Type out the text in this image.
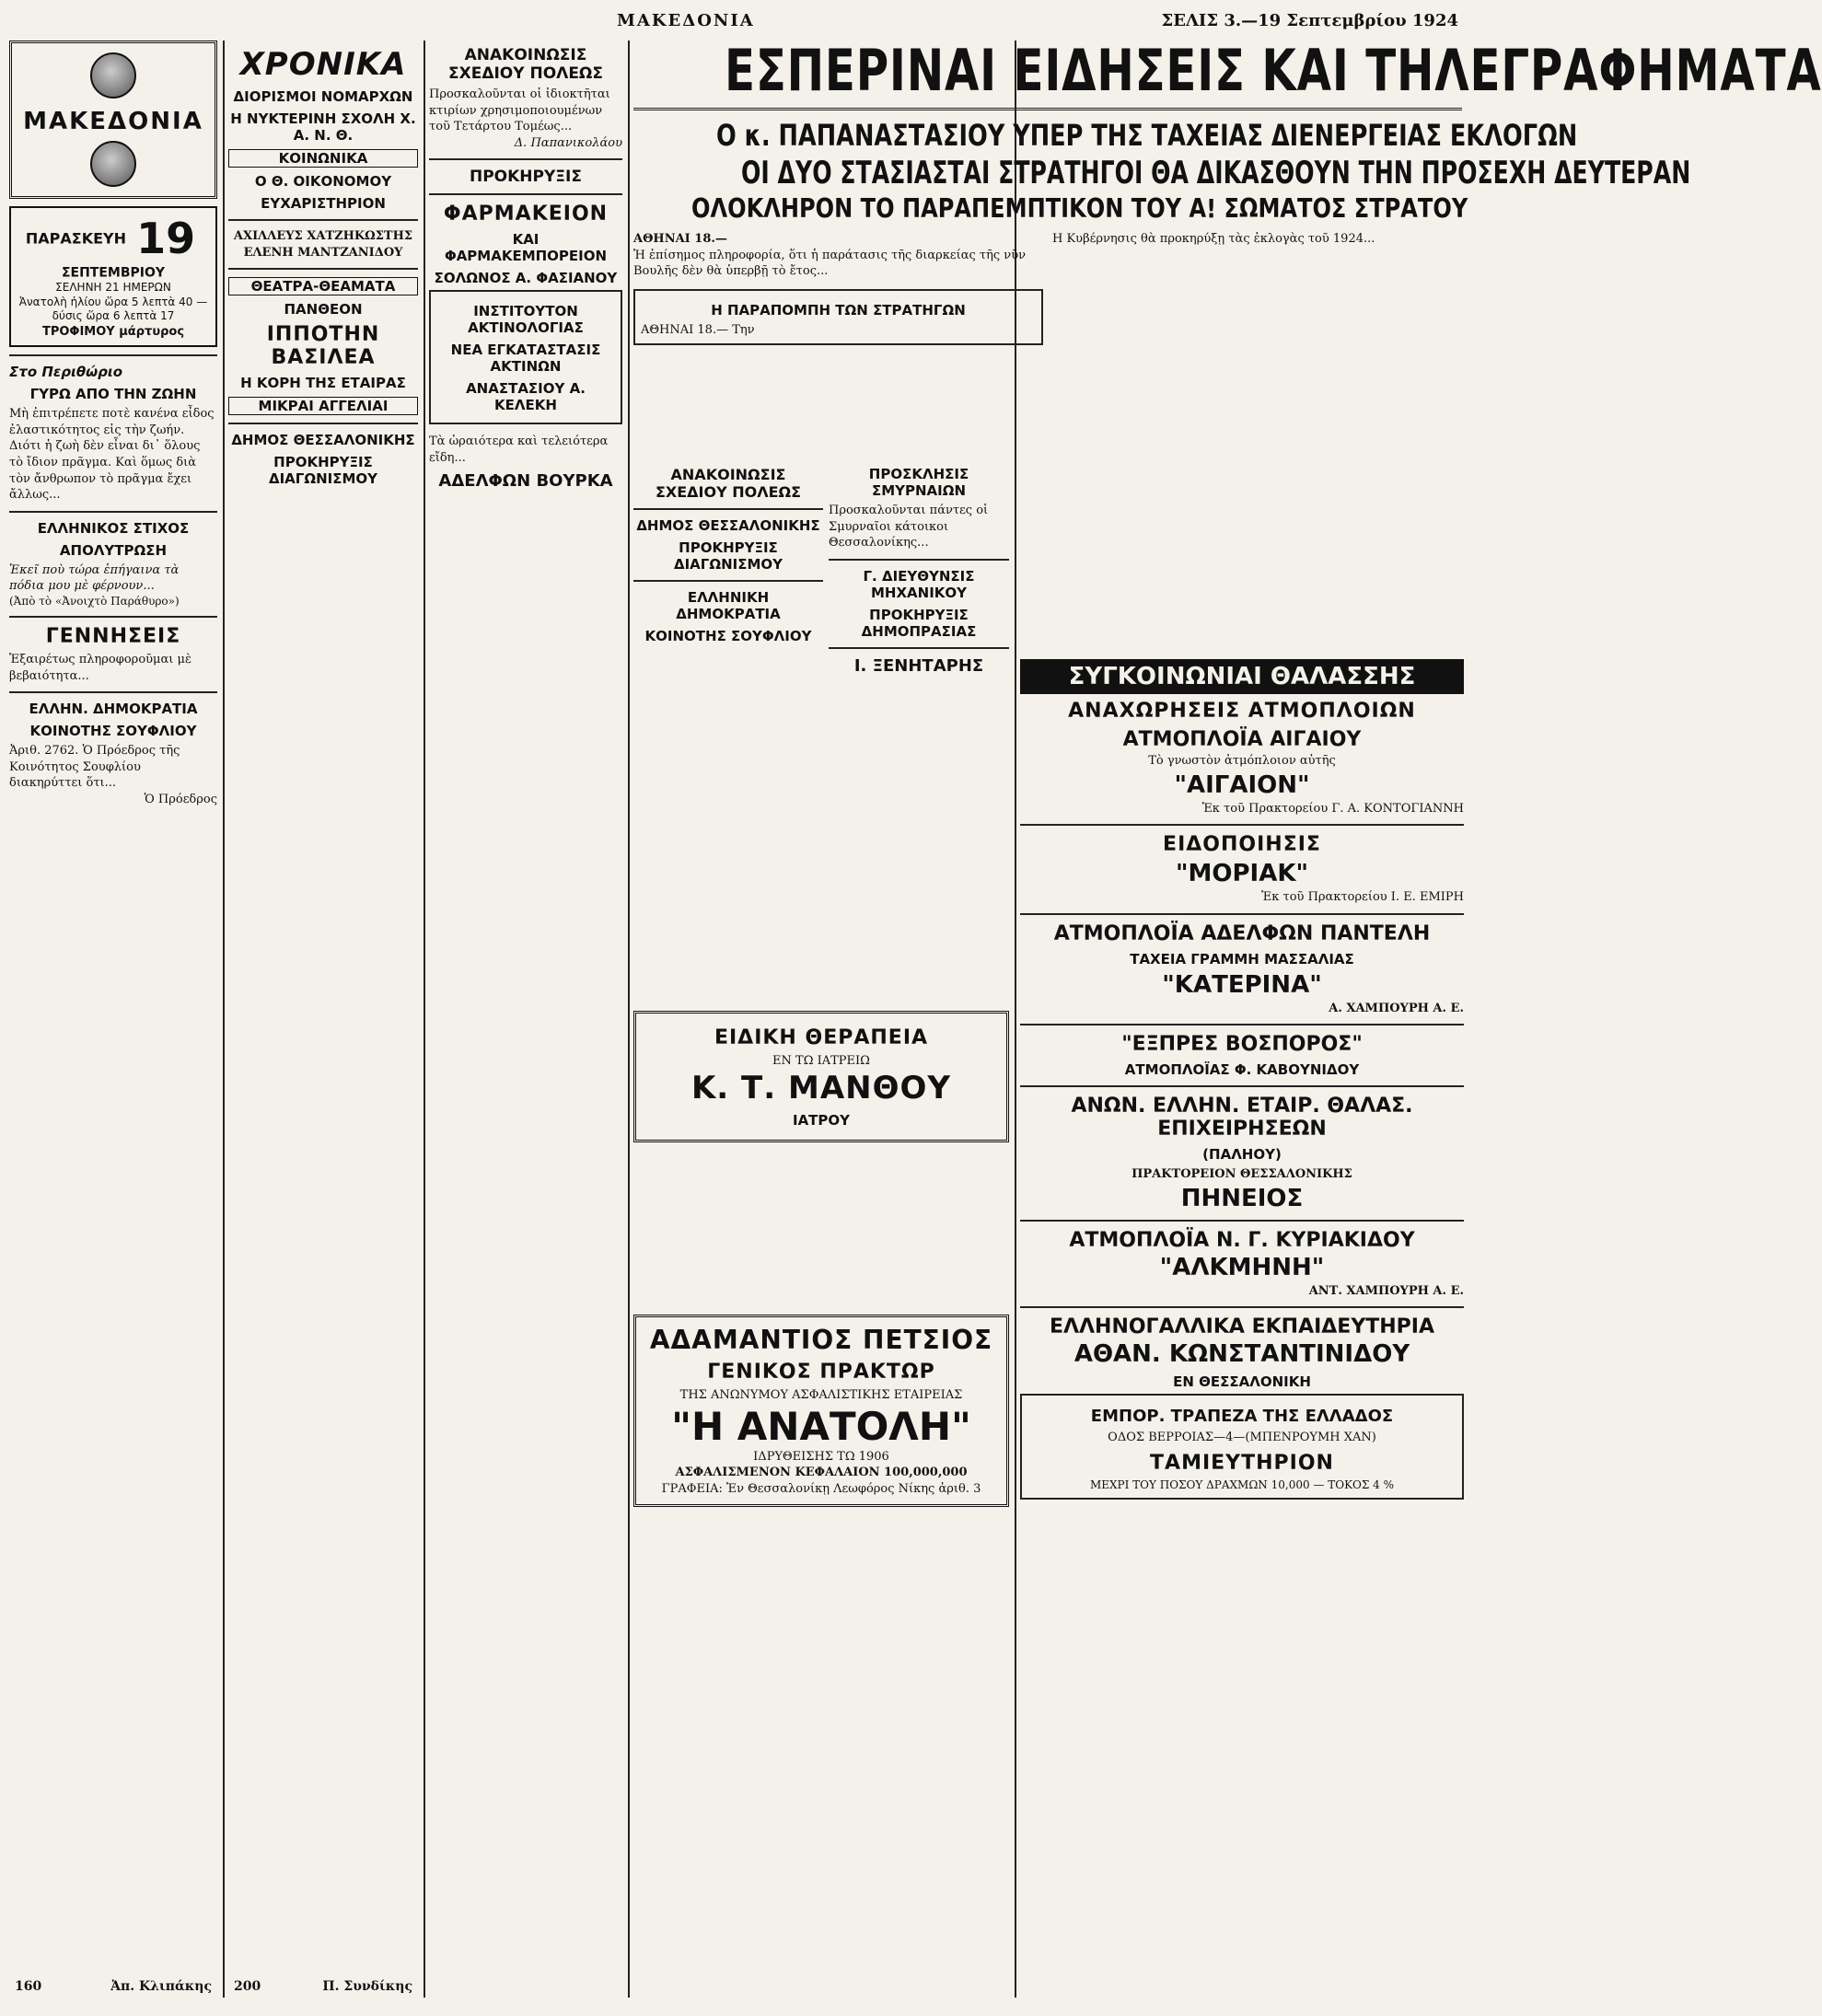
ΜΑΚΕΔΟΝΙΑ	ΣΕΛΙΣ 3.—19 Σεπτεμβρίου 1924
ΜΑΚΕΔΟΝΙΑ
ΠΑΡΑΣΚΕΥΗ 19 ΣΕΠΤΕΜΒΡΙΟΥ
ΣΕΛΗΝΗ 21 ΗΜΕΡΩΝ
Ἀνατολὴ ἡλίου ὥρα 5 λεπτὰ 40 — δύσις ὥρα 6 λεπτὰ 17
ΤΡΟΦΙΜΟΥ μάρτυρος
Στο Περιθώριο
ΓΥΡΩ ΑΠΟ ΤΗΝ ΖΩΗΝ
Μὴ ἐπιτρέπετε ποτὲ κανένα εἶδος ἐλαστικότητος εἰς τὴν ζωήν. Διότι ἡ ζωὴ δὲν εἶναι δι᾽ ὅλους τὸ ἴδιον πρᾶγμα. Καὶ ὅμως διὰ τὸν ἄνθρωπον τὸ πρᾶγμα ἔχει ἄλλως...
ΕΛΛΗΝΙΚΟΣ ΣΤΙΧΟΣ
ΑΠΟΛΥΤΡΩΣΗ
Ἐκεῖ ποὺ τώρα ἐπήγαινα τὰ πόδια μου μὲ φέρνουν...
(Ἀπὸ τὸ «Ἀνοιχτὸ Παράθυρο»)
ΓΕΝΝΗΣΕΙΣ
Ἐξαιρέτως πληροφοροῦμαι μὲ βεβαιότητα...
ΕΛΛΗΝ. ΔΗΜΟΚΡΑΤΙΑ
ΚΟΙΝΟΤΗΣ ΣΟΥΦΛΙΟΥ
Ἀριθ. 2762. Ὁ Πρόεδρος τῆς Κοινότητος Σουφλίου διακηρύττει ὅτι...
Ὁ Πρόεδρος
160	Ἀπ. Κλιπάκης
ΧΡΟΝΙΚΑ
ΔΙΟΡΙΣΜΟΙ ΝΟΜΑΡΧΩΝ
Η ΝΥΚΤΕΡΙΝΗ ΣΧΟΛΗ Χ. Α. Ν. Θ.
ΚΟΙΝΩΝΙΚΑ
Ο Θ. ΟΙΚΟΝΟΜΟΥ
ΕΥΧΑΡΙΣΤΗΡΙΟΝ
ΑΧΙΛΛΕΥΣ ΧΑΤΖΗΚΩΣΤΗΣ
ΕΛΕΝΗ ΜΑΝΤΖΑΝΙΔΟΥ
ΘΕΑΤΡΑ-ΘΕΑΜΑΤΑ
ΠΑΝΘΕΟΝ
ΙΠΠΟΤΗΝ ΒΑΣΙΛΕΑ
Η ΚΟΡΗ ΤΗΣ ΕΤΑΙΡΑΣ
ΜΙΚΡΑΙ ΑΓΓΕΛΙΑΙ
ΔΗΜΟΣ ΘΕΣΣΑΛΟΝΙΚΗΣ
ΠΡΟΚΗΡΥΞΙΣ ΔΙΑΓΩΝΙΣΜΟΥ
200	Π. Συνδίκης
ΑΝΑΚΟΙΝΩΣΙΣ ΣΧΕΔΙΟΥ ΠΟΛΕΩΣ
Προσκαλοῦνται οἱ ἰδιοκτῆται κτιρίων χρησιμοποιουμένων τοῦ Τετάρτου Τομέως...
Δ. Παπανικολάου
ΠΡΟΚΗΡΥΞΙΣ
ΦΑΡΜΑΚΕΙΟΝ
ΚΑΙ ΦΑΡΜΑΚΕΜΠΟΡΕΙΟΝ
ΣΟΛΩΝΟΣ Α. ΦΑΣΙΑΝΟΥ
ΙΝΣΤΙΤΟΥΤΟΝ ΑΚΤΙΝΟΛΟΓΙΑΣ
ΝΕΑ ΕΓΚΑΤΑΣΤΑΣΙΣ ΑΚΤΙΝΩΝ
ΑΝΑΣΤΑΣΙΟΥ Α. ΚΕΛΕΚΗ
Τὰ ὡραιότερα καὶ τελειότερα εἴδη...
ΑΔΕΛΦΩΝ ΒΟΥΡΚΑ
ΕΣΠΕΡΙΝΑΙ ΕΙΔΗΣΕΙΣ ΚΑΙ ΤΗΛΕΓΡΑΦΗΜΑΤΑ
Ο κ. ΠΑΠΑΝΑΣΤΑΣΙΟΥ ΥΠΕΡ ΤΗΣ ΤΑΧΕΙΑΣ ΔΙΕΝΕΡΓΕΙΑΣ ΕΚΛΟΓΩΝ
ΟΙ ΔΥΟ ΣΤΑΣΙΑΣΤΑΙ ΣΤΡΑΤΗΓΟΙ ΘΑ ΔΙΚΑΣΘΟΥΝ ΤΗΝ ΠΡΟΣΕΧΗ ΔΕΥΤΕΡΑΝ
ΟΛΟΚΛΗΡΟΝ ΤΟ ΠΑΡΑΠΕΜΠΤΙΚΟΝ ΤΟΥ Α! ΣΩΜΑΤΟΣ ΣΤΡΑΤΟΥ
ΑΘΗΝΑΙ 18.—
Ἡ ἐπίσημος πληροφορία, ὅτι ἡ παράτασις τῆς διαρκείας τῆς νῦν Βουλῆς δὲν θὰ ὑπερβῇ τὸ ἔτος...
Η ΠΑΡΑΠΟΜΠΗ ΤΩΝ ΣΤΡΑΤΗΓΩΝ
ΑΘΗΝΑΙ 18.— Την
Η Κυβέρνησις θὰ προκηρύξῃ τὰς ἐκλογὰς τοῦ 1924...
ΑΝΑΚΟΙΝΩΣΙΣ ΣΧΕΔΙΟΥ ΠΟΛΕΩΣ
ΔΗΜΟΣ ΘΕΣΣΑΛΟΝΙΚΗΣ
ΠΡΟΚΗΡΥΞΙΣ ΔΙΑΓΩΝΙΣΜΟΥ
ΕΛΛΗΝΙΚΗ ΔΗΜΟΚΡΑΤΙΑ
ΚΟΙΝΟΤΗΣ ΣΟΥΦΛΙΟΥ
ΠΡΟΣΚΛΗΣΙΣ ΣΜΥΡΝΑΙΩΝ
Προσκαλοῦνται πάντες οἱ Σμυρναῖοι κάτοικοι Θεσσαλονίκης...
Γ. ΔΙΕΥΘΥΝΣΙΣ ΜΗΧΑΝΙΚΟΥ
ΠΡΟΚΗΡΥΞΙΣ ΔΗΜΟΠΡΑΣΙΑΣ
Ι. ΞΕΝΗΤΑΡΗΣ
ΕΙΔΙΚΗ ΘΕΡΑΠΕΙΑ
ΕΝ ΤΩ ΙΑΤΡΕΙΩ
Κ. Τ. ΜΑΝΘΟΥ
ΙΑΤΡΟΥ
ΑΔΑΜΑΝΤΙΟΣ ΠΕΤΣΙΟΣ
ΓΕΝΙΚΟΣ ΠΡΑΚΤΩΡ
ΤΗΣ ΑΝΩΝΥΜΟΥ ΑΣΦΑΛΙΣΤΙΚΗΣ ΕΤΑΙΡΕΙΑΣ
"Η ΑΝΑΤΟΛΗ"
ΙΔΡΥΘΕΙΣΗΣ ΤΩ 1906
ΑΣΦΑΛΙΣΜΕΝΟΝ ΚΕΦΑΛΑΙΟΝ 100,000,000
ΓΡΑΦΕΙΑ: Ἐν Θεσσαλονίκῃ Λεωφόρος Νίκης ἀριθ. 3
ΣΥΓΚΟΙΝΩΝΙΑΙ ΘΑΛΑΣΣΗΣ
ΑΝΑΧΩΡΗΣΕΙΣ ΑΤΜΟΠΛΟΙΩΝ
ΑΤΜΟΠΛΟΪΑ ΑΙΓΑΙΟΥ
Τὸ γνωστὸν ἀτμόπλοιον αὐτῆς
"ΑΙΓΑΙΟΝ"
Ἐκ τοῦ Πρακτορείου Γ. Α. ΚΟΝΤΟΓΙΑΝΝΗ
ΕΙΔΟΠΟΙΗΣΙΣ
"ΜΟΡΙΑΚ"
Ἐκ τοῦ Πρακτορείου Ι. Ε. ΕΜΙΡΗ
ΑΤΜΟΠΛΟΪΑ ΑΔΕΛΦΩΝ ΠΑΝΤΕΛΗ
ΤΑΧΕΙΑ ΓΡΑΜΜΗ ΜΑΣΣΑΛΙΑΣ
"ΚΑΤΕΡΙΝΑ"
Α. ΧΑΜΠΟΥΡΗ Α. Ε.
"ΕΞΠΡΕΣ ΒΟΣΠΟΡΟΣ"
ΑΤΜΟΠΛΟΪΑΣ Φ. ΚΑΒΟΥΝΙΔΟΥ
ΑΝΩΝ. ΕΛΛΗΝ. ΕΤΑΙΡ. ΘΑΛΑΣ. ΕΠΙΧΕΙΡΗΣΕΩΝ
(ΠΑΛΗΟΥ)
ΠΡΑΚΤΟΡΕΙΟΝ ΘΕΣΣΑΛΟΝΙΚΗΣ
ΠΗΝΕΙΟΣ
ΑΤΜΟΠΛΟΪΑ Ν. Γ. ΚΥΡΙΑΚΙΔΟΥ
"ΑΛΚΜΗΝΗ"
ΑΝΤ. ΧΑΜΠΟΥΡΗ Α. Ε.
ΕΛΛΗΝΟΓΑΛΛΙΚΑ ΕΚΠΑΙΔΕΥΤΗΡΙΑ
ΑΘΑΝ. ΚΩΝΣΤΑΝΤΙΝΙΔΟΥ
ΕΝ ΘΕΣΣΑΛΟΝΙΚΗ
ΕΜΠΟΡ. ΤΡΑΠΕΖΑ ΤΗΣ ΕΛΛΑΔΟΣ
ΟΔΟΣ ΒΕΡΡΟΙΑΣ—4—(ΜΠΕΝΡΟΥΜΗ ΧΑΝ)
ΤΑΜΙΕΥΤΗΡΙΟΝ
ΜΕΧΡΙ ΤΟΥ ΠΟΣΟΥ ΔΡΑΧΜΩΝ 10,000 — ΤΟΚΟΣ 4 %
